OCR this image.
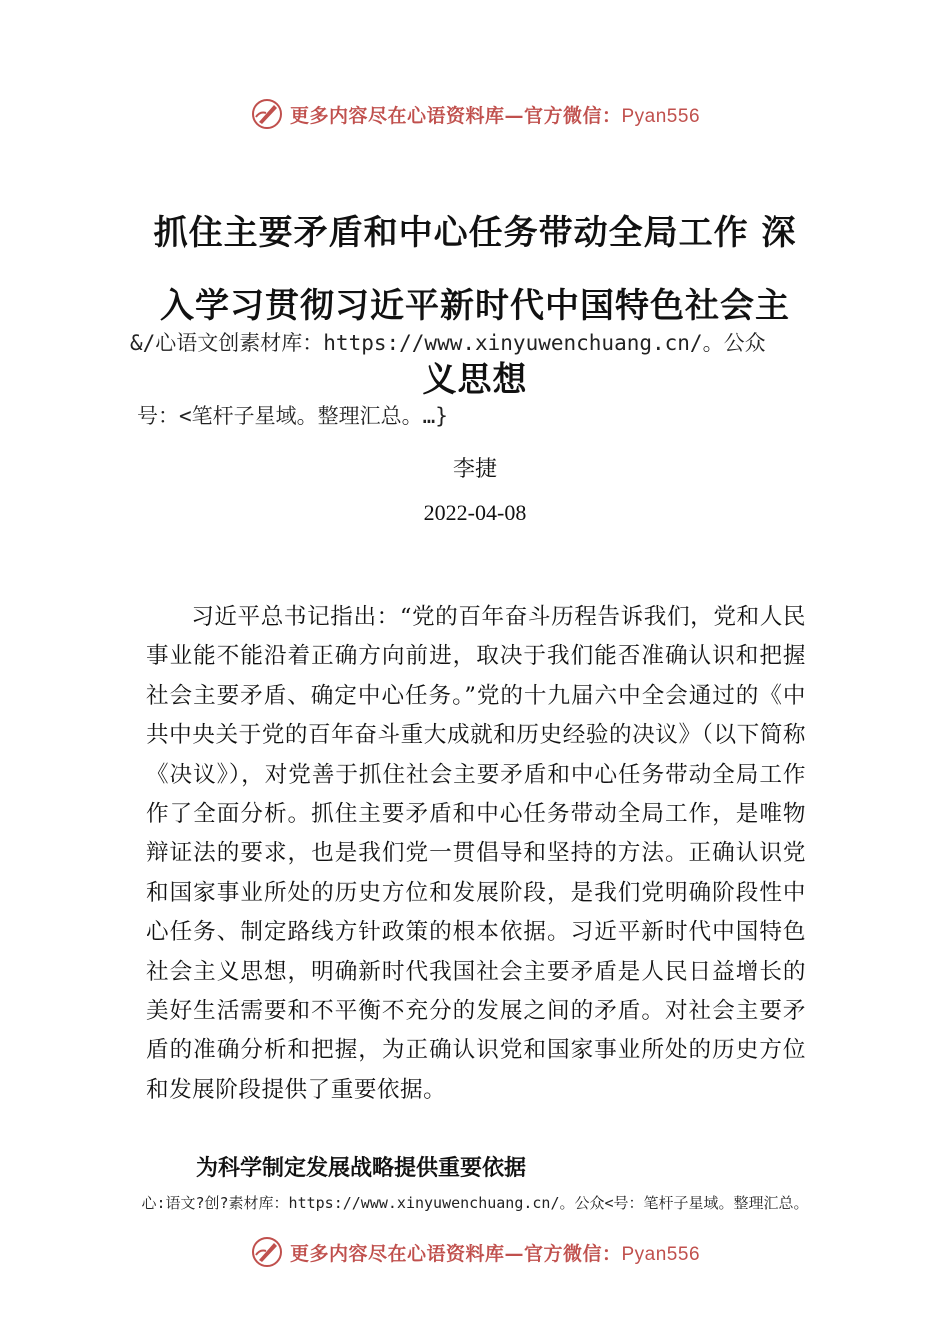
更多内容尽在心语资料库—官方微信：Pyan556
抓住主要矛盾和中心任务带动全局工作 深
入学习贯彻习近平新时代中国特色社会主
&/心语文创素材库：https://www.xinyuwenchuang.cn/。公众
义思想
号：<笔杆子星域。整理汇总。…}
李捷
2022-04-08
习近平总书记指出：“党的百年奋斗历程告诉我们，党和人民事业能不能沿着正确方向前进，取决于我们能否准确认识和把握社会主要矛盾、确定中心任务。”党的十九届六中全会通过的《中共中央关于党的百年奋斗重大成就和历史经验的决议》（以下简称《决议》），对党善于抓住社会主要矛盾和中心任务带动全局工作作了全面分析。抓住主要矛盾和中心任务带动全局工作，是唯物辩证法的要求，也是我们党一贯倡导和坚持的方法。正确认识党和国家事业所处的历史方位和发展阶段，是我们党明确阶段性中心任务、制定路线方针政策的根本依据。习近平新时代中国特色社会主义思想，明确新时代我国社会主要矛盾是人民日益增长的美好生活需要和不平衡不充分的发展之间的矛盾。对社会主要矛盾的准确分析和把握，为正确认识党和国家事业所处的历史方位和发展阶段提供了重要依据。
为科学制定发展战略提供重要依据
心:语文?创?素材库：https://www.xinyuwenchuang.cn/。公众<号：笔杆子星域。整理汇总。
更多内容尽在心语资料库—官方微信：Pyan556
